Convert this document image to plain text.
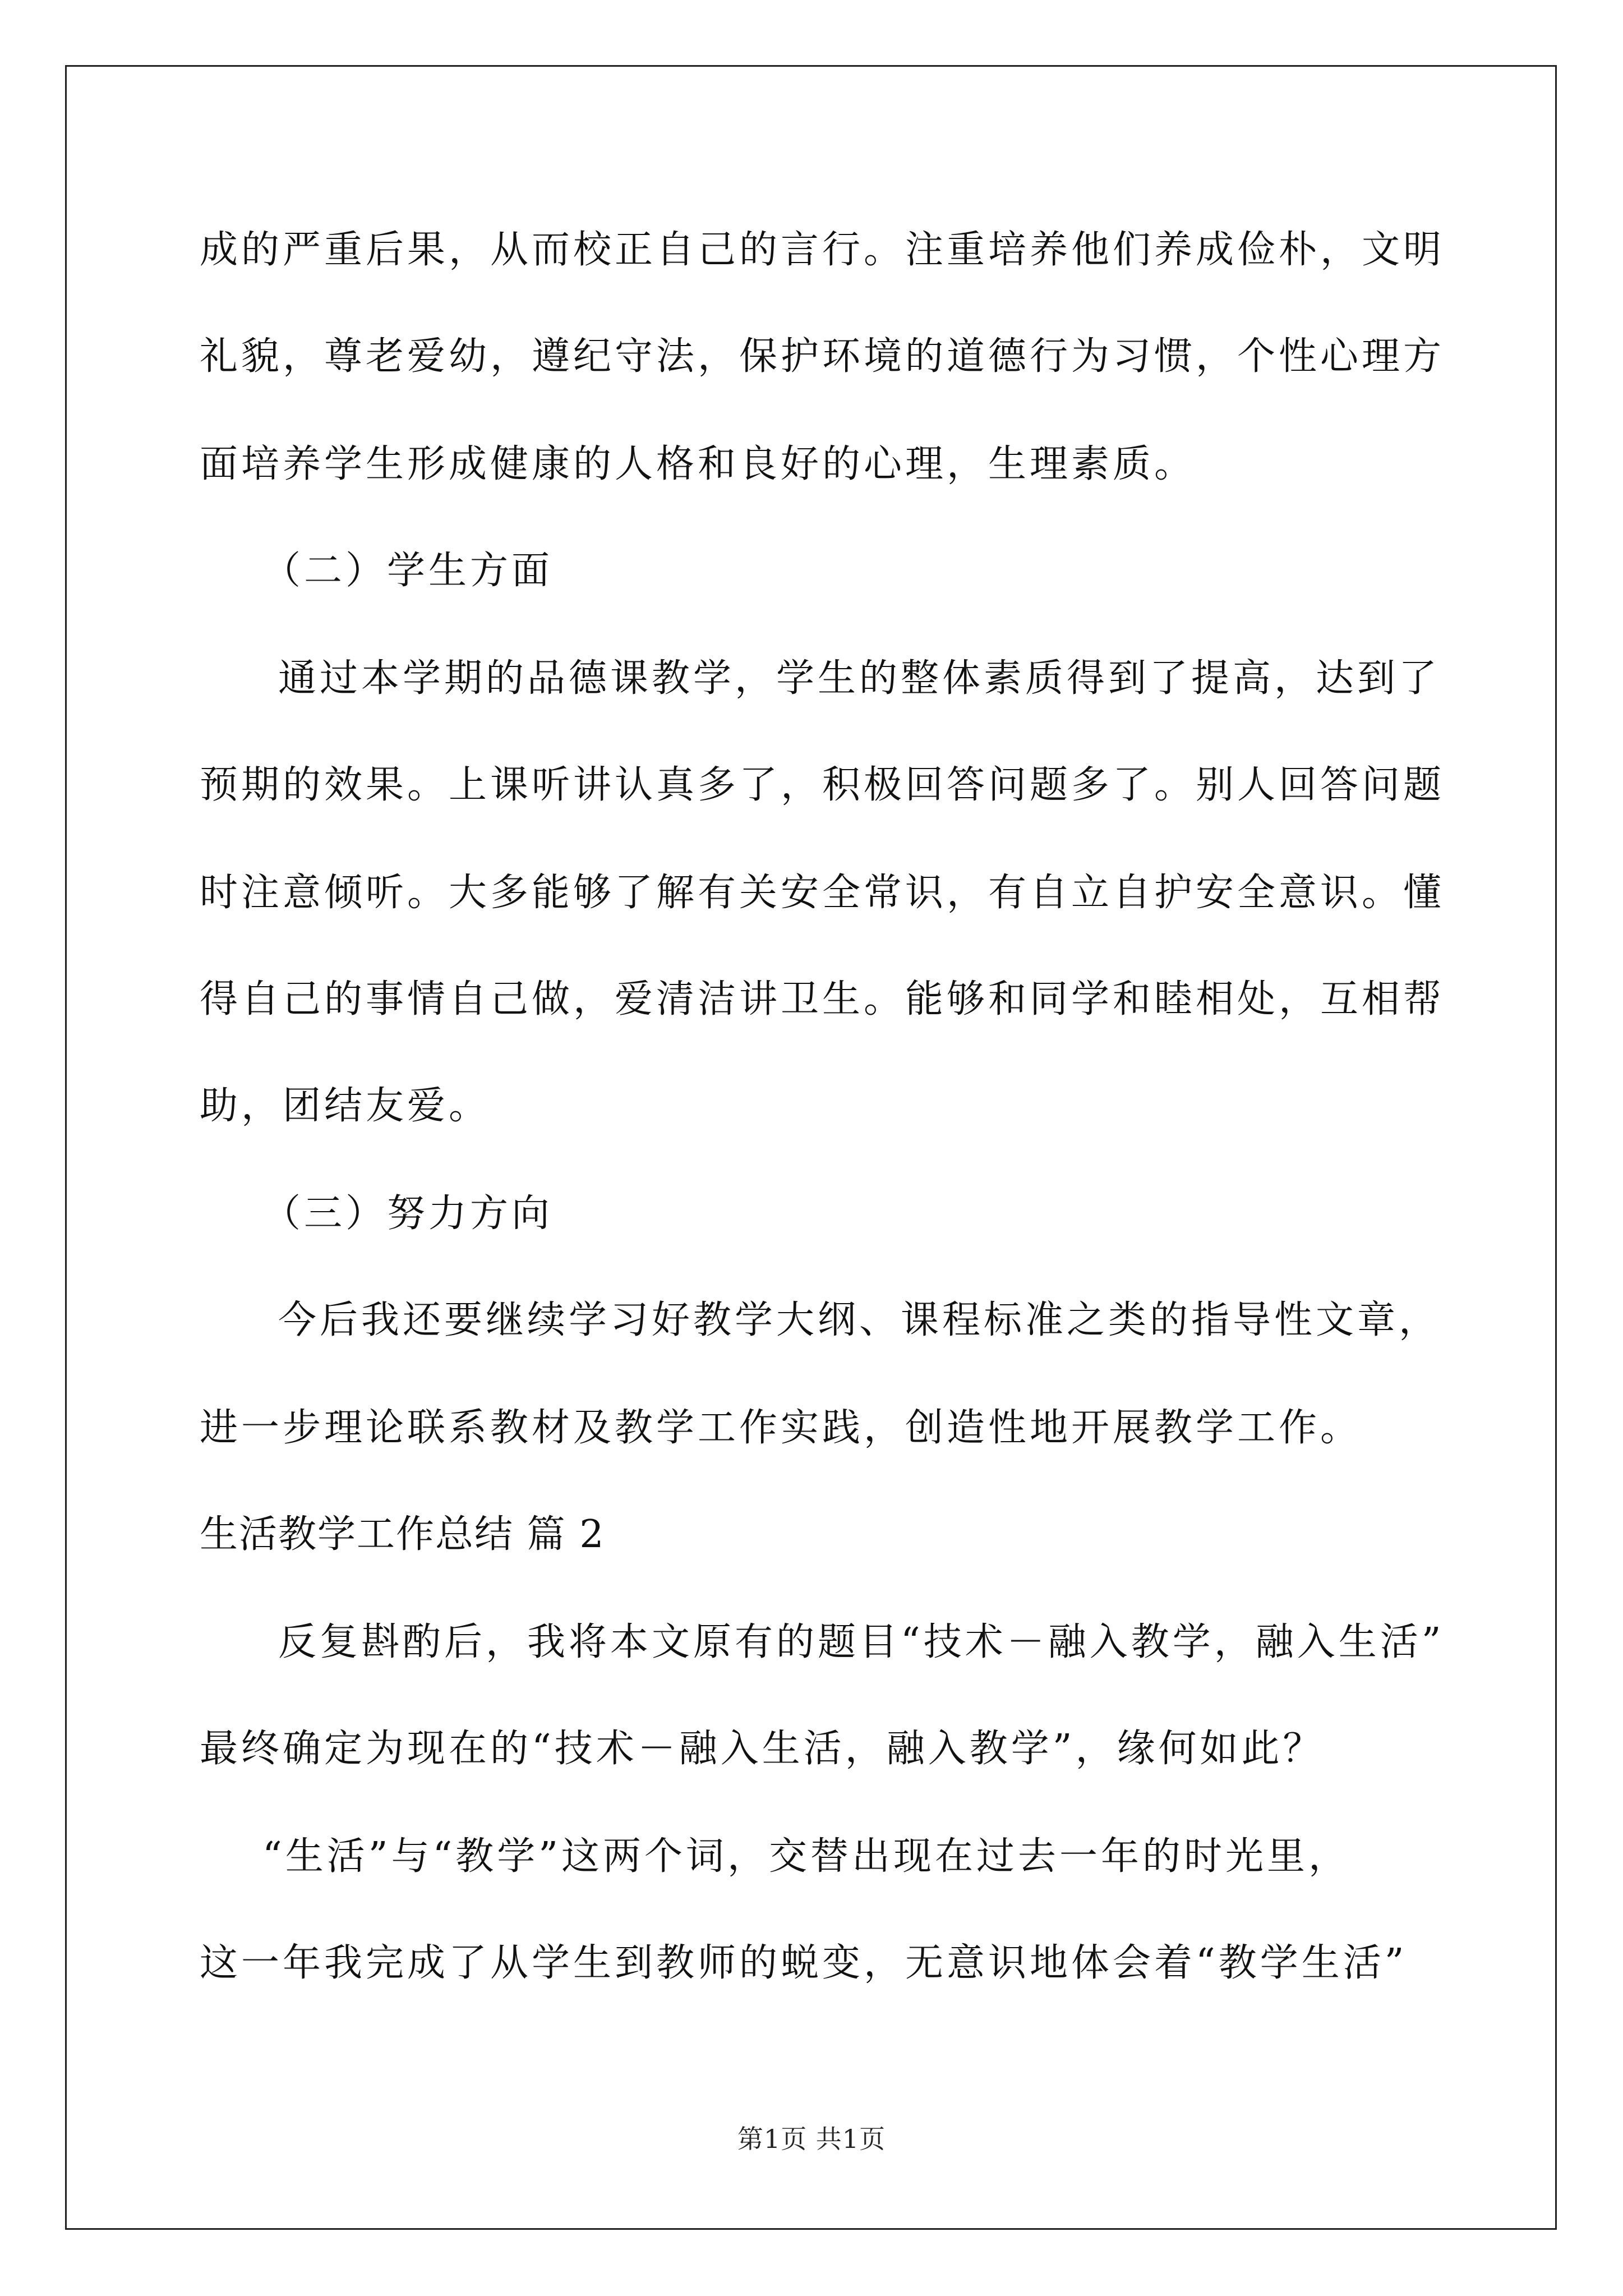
成的严重后果，从而校正自己的言行。注重培养他们养成俭朴，文明
礼貌，尊老爱幼，遵纪守法，保护环境的道德行为习惯，个性心理方
面培养学生形成健康的人格和良好的心理，生理素质。
（二）学生方面
通过本学期的品德课教学，学生的整体素质得到了提高，达到了
预期的效果。上课听讲认真多了，积极回答问题多了。别人回答问题
时注意倾听。大多能够了解有关安全常识，有自立自护安全意识。懂
得自己的事情自己做，爱清洁讲卫生。能够和同学和睦相处，互相帮
助，团结友爱。
（三）努力方向
今后我还要继续学习好教学大纲、课程标准之类的指导性文章，
进一步理论联系教材及教学工作实践，创造性地开展教学工作。
生活教学工作总结 篇 2
反复斟酌后，我将本文原有的题目“技术－融入教学，融入生活”
最终确定为现在的“技术－融入生活，融入教学”，缘何如此？
“生活”与“教学”这两个词，交替出现在过去一年的时光里，
这一年我完成了从学生到教师的蜕变，无意识地体会着“教学生活”
第1页 共1页
